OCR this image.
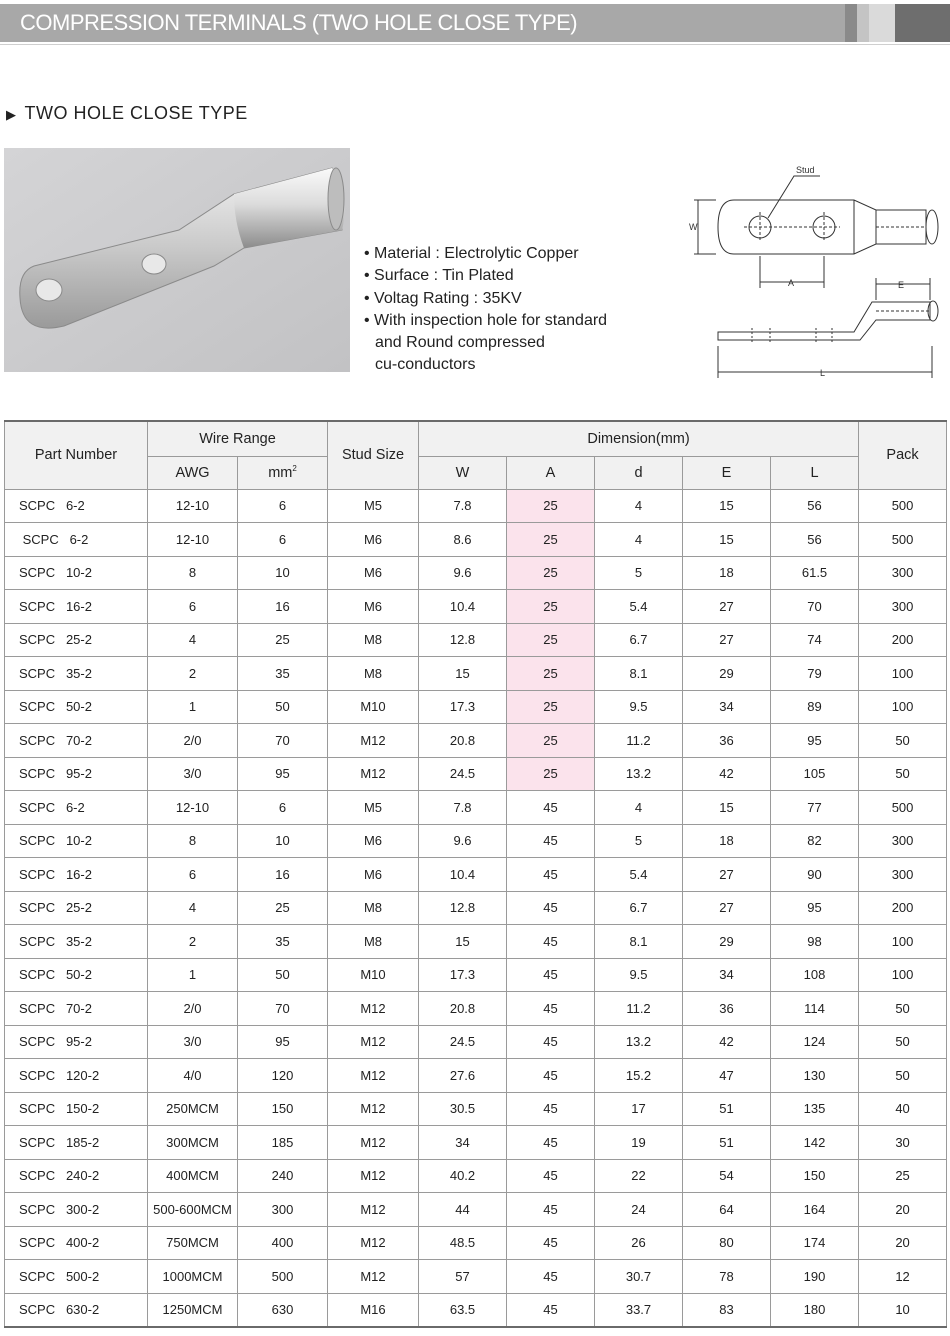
COMPRESSION TERMINALS (TWO HOLE CLOSE TYPE)
▶ TWO HOLE CLOSE TYPE
• Material : Electrolytic Copper
• Surface : Tin Plated
• Voltag Rating : 35KV
• With inspection hole for standard
and Round compressed
cu-conductors
Stud
W
A	E
L
Part Number	Wire Range		Stud Size	Dimension(mm)					Pack
	AWG	$mm^2$		W	A	d	E	L	
SCPC   6-2	12-10	6	M5	7.8	25	4	15	56	500
SCPC   6-2	12-10	6	M6	8.6	25	4	15	56	500
SCPC   10-2	8	10	M6	9.6	25	5	18	61.5	300
SCPC   16-2	6	16	M6	10.4	25	5.4	27	70	300
SCPC   25-2	4	25	M8	12.8	25	6.7	27	74	200
SCPC   35-2	2	35	M8	15	25	8.1	29	79	100
SCPC   50-2	1	50	M10	17.3	25	9.5	34	89	100
SCPC   70-2	2/0	70	M12	20.8	25	11.2	36	95	50
SCPC   95-2	3/0	95	M12	24.5	25	13.2	42	105	50
SCPC   6-2	12-10	6	M5	7.8	45	4	15	77	500
SCPC   10-2	8	10	M6	9.6	45	5	18	82	300
SCPC   16-2	6	16	M6	10.4	45	5.4	27	90	300
SCPC   25-2	4	25	M8	12.8	45	6.7	27	95	200
SCPC   35-2	2	35	M8	15	45	8.1	29	98	100
SCPC   50-2	1	50	M10	17.3	45	9.5	34	108	100
SCPC   70-2	2/0	70	M12	20.8	45	11.2	36	114	50
SCPC   95-2	3/0	95	M12	24.5	45	13.2	42	124	50
SCPC   120-2	4/0	120	M12	27.6	45	15.2	47	130	50
SCPC   150-2	250MCM	150	M12	30.5	45	17	51	135	40
SCPC   185-2	300MCM	185	M12	34	45	19	51	142	30
SCPC   240-2	400MCM	240	M12	40.2	45	22	54	150	25
SCPC   300-2	500-600MCM	300	M12	44	45	24	64	164	20
SCPC   400-2	750MCM	400	M12	48.5	45	26	80	174	20
SCPC   500-2	1000MCM	500	M12	57	45	30.7	78	190	12
SCPC   630-2	1250MCM	630	M16	63.5	45	33.7	83	180	10
